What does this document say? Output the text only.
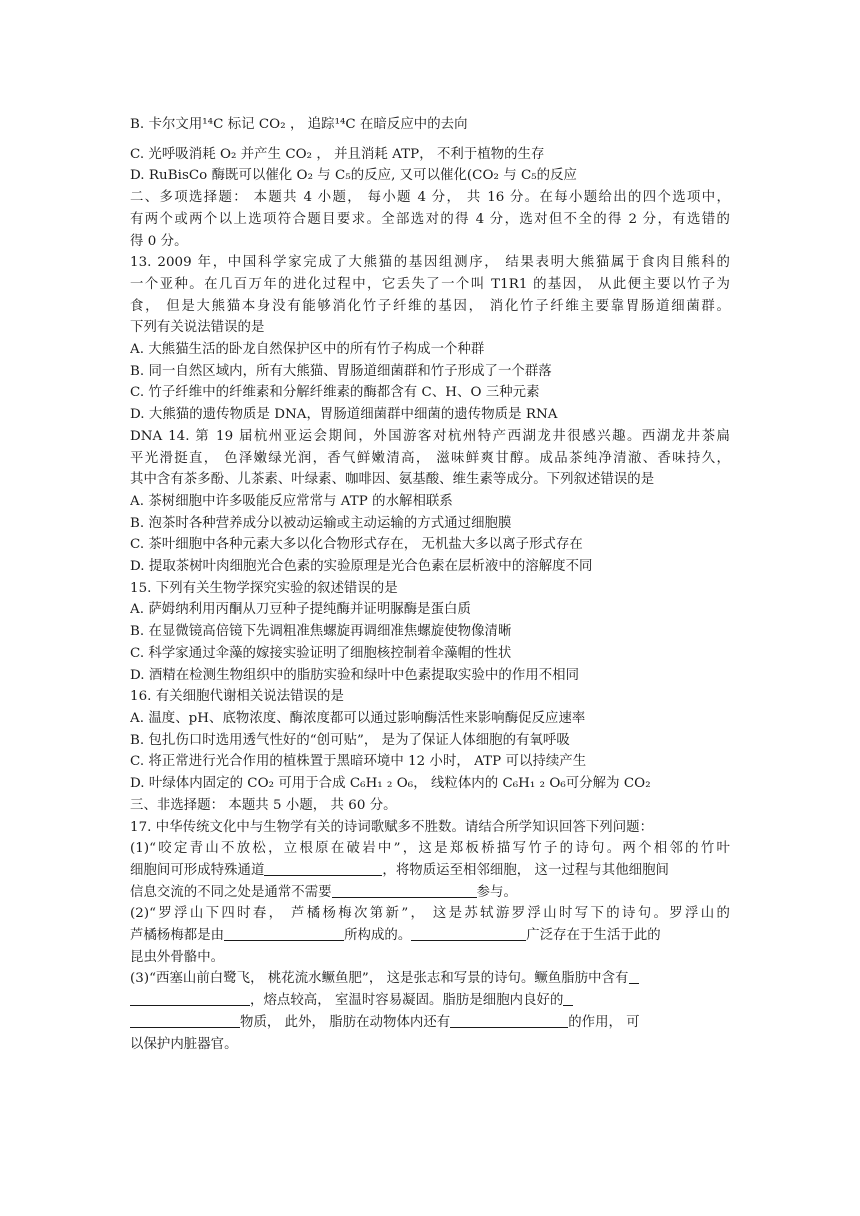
B. 卡尔文用¹⁴C 标记 CO₂ ， 追踪¹⁴C 在暗反应中的去向
C. 光呼吸消耗 O₂ 并产生 CO₂ ， 并且消耗 ATP， 不利于植物的生存
D. RuBisCo 酶既可以催化 O₂ 与 C₅的反应, 又可以催化(CO₂ 与 C₅的反应
二、多项选择题： 本题共 4 小题， 每小题 4 分， 共 16 分。在每小题给出的四个选项中，
有两个或两个以上选项符合题目要求。全部选对的得 4 分，选对但不全的得 2 分，有选错的
得 0 分。
13. 2009 年，中国科学家完成了大熊猫的基因组测序， 结果表明大熊猫属于食肉目熊科的
一个亚种。在几百万年的进化过程中，它丢失了一个叫 T1R1 的基因， 从此便主要以竹子为
食， 但是大熊猫本身没有能够消化竹子纤维的基因， 消化竹子纤维主要靠胃肠道细菌群。
下列有关说法错误的是
A. 大熊猫生活的卧龙自然保护区中的所有竹子构成一个种群
B. 同一自然区域内，所有大熊猫、胃肠道细菌群和竹子形成了一个群落
C. 竹子纤维中的纤维素和分解纤维素的酶都含有 C、H、O 三种元素
D. 大熊猫的遗传物质是 DNA，胃肠道细菌群中细菌的遗传物质是 RNA
DNA 14. 第 19 届杭州亚运会期间，外国游客对杭州特产西湖龙井很感兴趣。西湖龙井茶扁
平光滑挺直， 色泽嫩绿光润，香气鲜嫩清高， 滋味鲜爽甘醇。成品茶纯净清澈、香味持久，
其中含有茶多酚、儿茶素、叶绿素、咖啡因、氨基酸、维生素等成分。下列叙述错误的是
A. 茶树细胞中许多吸能反应常常与 ATP 的水解相联系
B. 泡茶时各种营养成分以被动运输或主动运输的方式通过细胞膜
C. 茶叶细胞中各种元素大多以化合物形式存在， 无机盐大多以离子形式存在
D. 提取茶树叶肉细胞光合色素的实验原理是光合色素在层析液中的溶解度不同
15. 下列有关生物学探究实验的叙述错误的是
A. 萨姆纳利用丙酮从刀豆种子提纯酶并证明脲酶是蛋白质
B. 在显微镜高倍镜下先调粗准焦螺旋再调细准焦螺旋使物像清晰
C. 科学家通过伞藻的嫁接实验证明了细胞核控制着伞藻帽的性状
D. 酒精在检测生物组织中的脂肪实验和绿叶中色素提取实验中的作用不相同
16. 有关细胞代谢相关说法错误的是
A. 温度、pH、底物浓度、酶浓度都可以通过影响酶活性来影响酶促反应速率
B. 包扎伤口时选用透气性好的“创可贴”， 是为了保证人体细胞的有氧呼吸
C. 将正常进行光合作用的植株置于黑暗环境中 12 小时， ATP 可以持续产生
D. 叶绿体内固定的 CO₂ 可用于合成 C₆H₁ ₂ O₆， 线粒体内的 C₆H₁ ₂ O₆可分解为 CO₂
三、非选择题： 本题共 5 小题， 共 60 分。
17. 中华传统文化中与生物学有关的诗词歌赋多不胜数。请结合所学知识回答下列问题：
(1)“咬定青山不放松，立根原在破岩中”，这是郑板桥描写竹子的诗句。两个相邻的竹叶
细胞间可形成特殊通道	，将物质运至相邻细胞， 这一过程与其他细胞间
信息交流的不同之处是通常不需要	参与。
(2)“罗浮山下四时春， 芦橘杨梅次第新”， 这是苏轼游罗浮山时写下的诗句。罗浮山的
芦橘杨梅都是由	所构成的。	广泛存在于生活于此的
昆虫外骨骼中。
(3)“西塞山前白鹭飞， 桃花流水鳜鱼肥”， 这是张志和写景的诗句。鳜鱼脂肪中含有
，熔点较高， 室温时容易凝固。脂肪是细胞内良好的
物质， 此外， 脂肪在动物体内还有	的作用， 可
以保护内脏器官。
